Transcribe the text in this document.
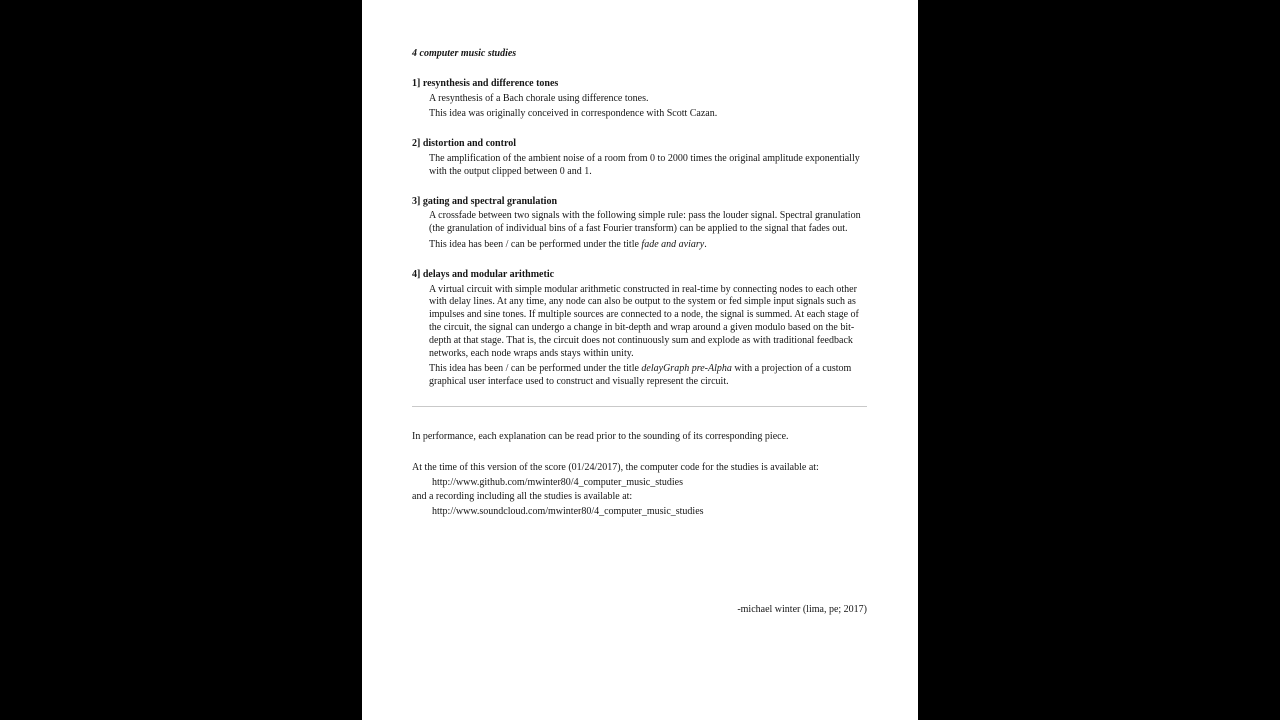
4 computer music studies
1] resynthesis and difference tones
A resynthesis of a Bach chorale using difference tones.
This idea was originally conceived in correspondence with Scott Cazan.
2] distortion and control
The amplification of the ambient noise of a room from 0 to 2000 times the original amplitude exponentially with the output clipped between 0 and 1.
3] gating and spectral granulation
A crossfade between two signals with the following simple rule: pass the louder signal. Spectral granulation (the granulation of individual bins of a fast Fourier transform) can be applied to the signal that fades out.
This idea has been / can be performed under the title fade and aviary.
4] delays and modular arithmetic
A virtual circuit with simple modular arithmetic constructed in real-time by connecting nodes to each other with delay lines. At any time, any node can also be output to the system or fed simple input signals such as impulses and sine tones. If multiple sources are connected to a node, the signal is summed. At each stage of the circuit, the signal can undergo a change in bit-depth and wrap around a given modulo based on the bit-depth at that stage. That is, the circuit does not continuously sum and explode as with traditional feedback networks, each node wraps ands stays within unity.
This idea has been / can be performed under the title delayGraph pre-Alpha with a projection of a custom graphical user interface used to construct and visually represent the circuit.
In performance, each explanation can be read prior to the sounding of its corresponding piece.
At the time of this version of the score (01/24/2017), the computer code for the studies is available at:
http://www.github.com/mwinter80/4_computer_music_studies
and a recording including all the studies is available at:
http://www.soundcloud.com/mwinter80/4_computer_music_studies
-michael winter (lima, pe; 2017)
